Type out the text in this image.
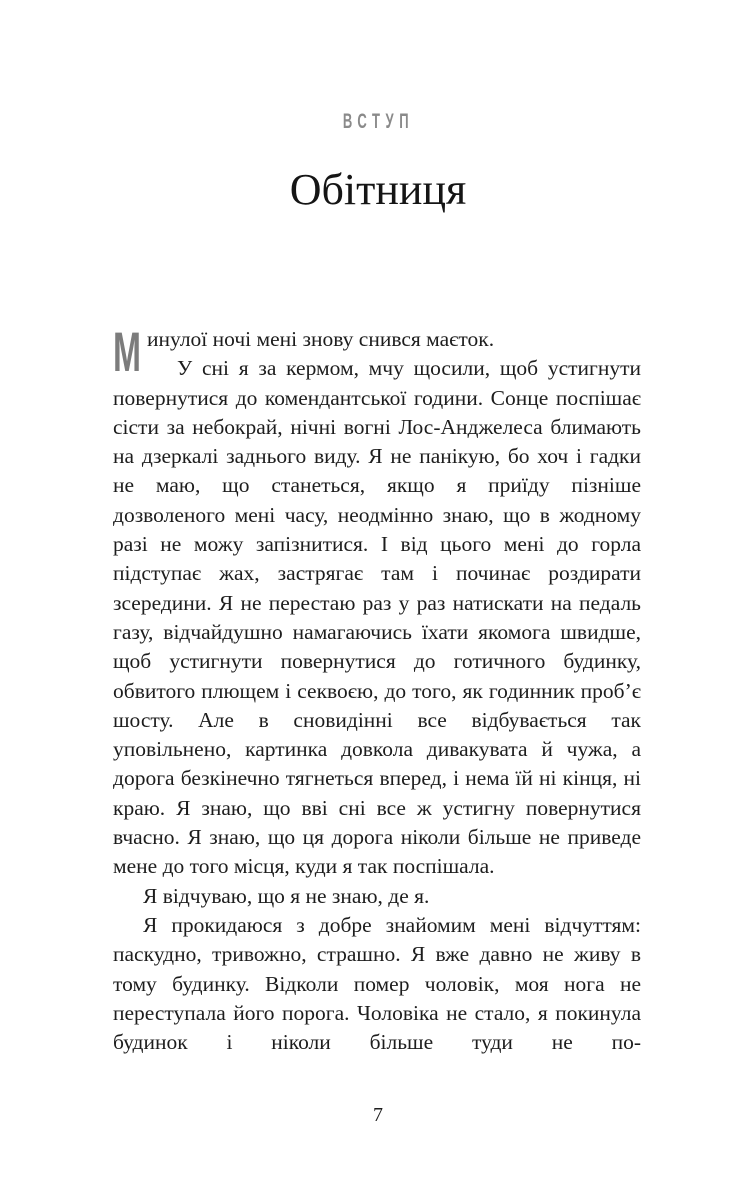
ВСТУП
Обітниця
М инулої ночі мені знову снився маєток.

У сні я за кермом, мчу щосили, щоб устигнути повернутися до комендантської години. Сонце поспішає сісти за небокрай, нічні вогні Лос-Анджелеса блимають на дзеркалі заднього виду. Я не панікую, бо хоч і гадки не маю, що станеться, якщо я приїду пізніше дозволеного мені часу, неодмінно знаю, що в жодному разі не можу запізнитися. І від цього мені до горла підступає жах, застрягає там і починає роздирати зсередини. Я не перестаю раз у раз натискати на педаль газу, відчайдушно намагаючись їхати якомога швидше, щоб устигнути повернутися до готичного будинку, обвитого плющем і секвоєю, до того, як годинник проб’є шосту. Але в сновидінні все відбувається так уповільнено, картинка довкола дивакувата й чужа, а дорога безкінечно тягнеться вперед, і нема їй ні кінця, ні краю. Я знаю, що вві сні все ж устигну повернутися вчасно. Я знаю, що ця дорога ніколи більше не приведе мене до того місця, куди я так поспішала.

Я відчуваю, що я не знаю, де я.

Я прокидаюся з добре знайомим мені відчуттям: паскудно, тривожно, страшно. Я вже давно не живу в тому будинку. Відколи помер чоловік, моя нога не переступала його порога. Чоловіка не стало, я покинула будинок і ніколи більше туди не по-

7
